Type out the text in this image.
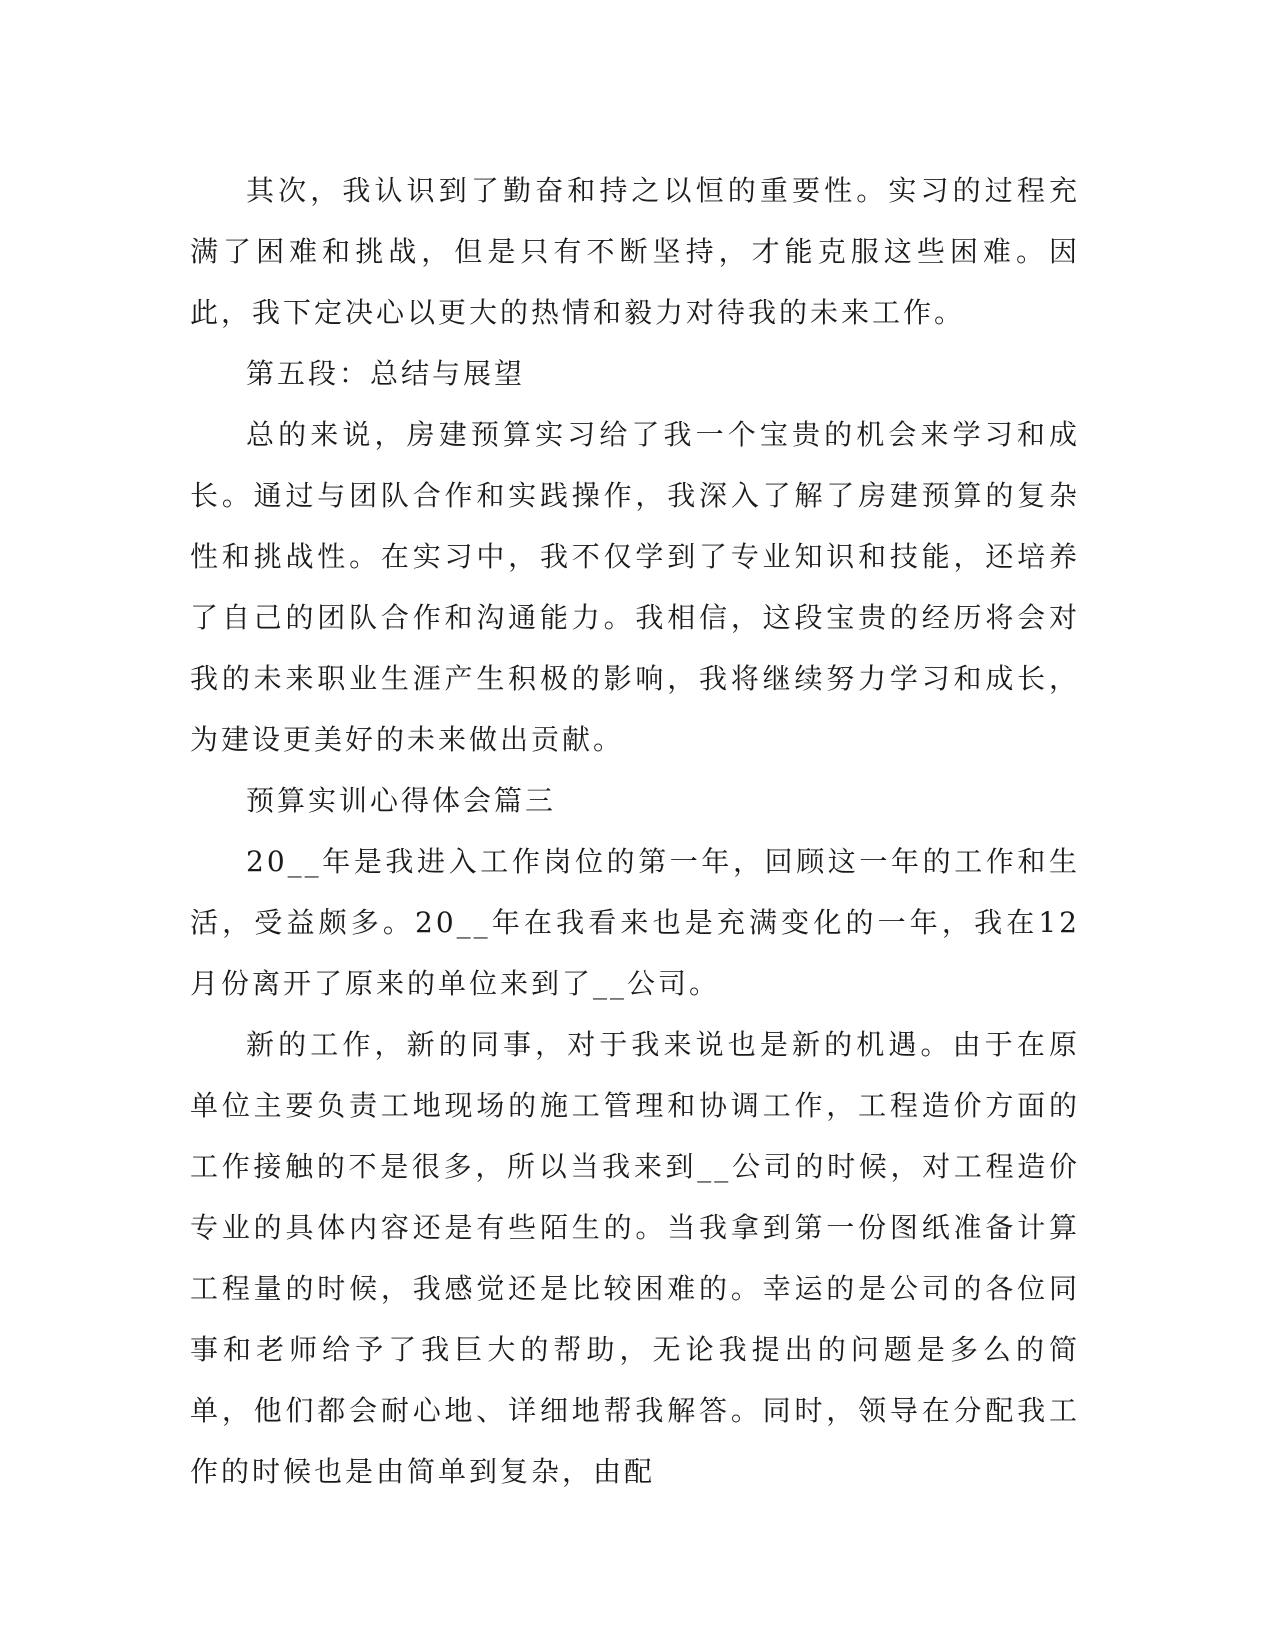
其次，我认识到了勤奋和持之以恒的重要性。实习的过程充满了困难和挑战，但是只有不断坚持，才能克服这些困难。因此，我下定决心以更大的热情和毅力对待我的未来工作。

第五段：总结与展望

总的来说，房建预算实习给了我一个宝贵的机会来学习和成长。通过与团队合作和实践操作，我深入了解了房建预算的复杂性和挑战性。在实习中，我不仅学到了专业知识和技能，还培养了自己的团队合作和沟通能力。我相信，这段宝贵的经历将会对我的未来职业生涯产生积极的影响，我将继续努力学习和成长，为建设更美好的未来做出贡献。

预算实训心得体会篇三

20__年是我进入工作岗位的第一年，回顾这一年的工作和生活，受益颇多。20__年在我看来也是充满变化的一年，我在12月份离开了原来的单位来到了__公司。

新的工作，新的同事，对于我来说也是新的机遇。由于在原单位主要负责工地现场的施工管理和协调工作，工程造价方面的工作接触的不是很多，所以当我来到__公司的时候，对工程造价专业的具体内容还是有些陌生的。当我拿到第一份图纸准备计算工程量的时候，我感觉还是比较困难的。幸运的是公司的各位同事和老师给予了我巨大的帮助，无论我提出的问题是多么的简单，他们都会耐心地、详细地帮我解答。同时，领导在分配我工作的时候也是由简单到复杂，由配
